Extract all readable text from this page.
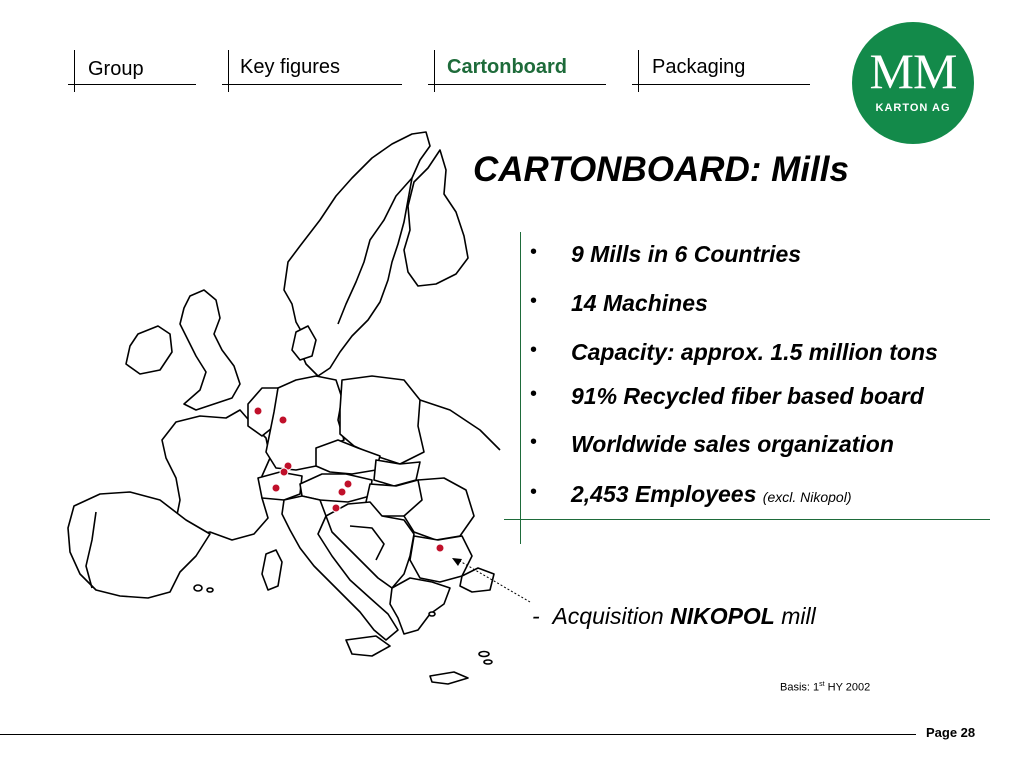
Group	Key figures	Cartonboard	Packaging	MM
KARTON AG
CARTONBOARD: Mills
• 9 Mills in 6 Countries
• 14 Machines
• Capacity: approx. 1.5 million tons
• 91% Recycled fiber based board
• Worldwide sales organization
• 2,453 Employees (excl. Nikopol)
- Acquisition NIKOPOL mill
Basis: 1st HY 2002
Page 28
